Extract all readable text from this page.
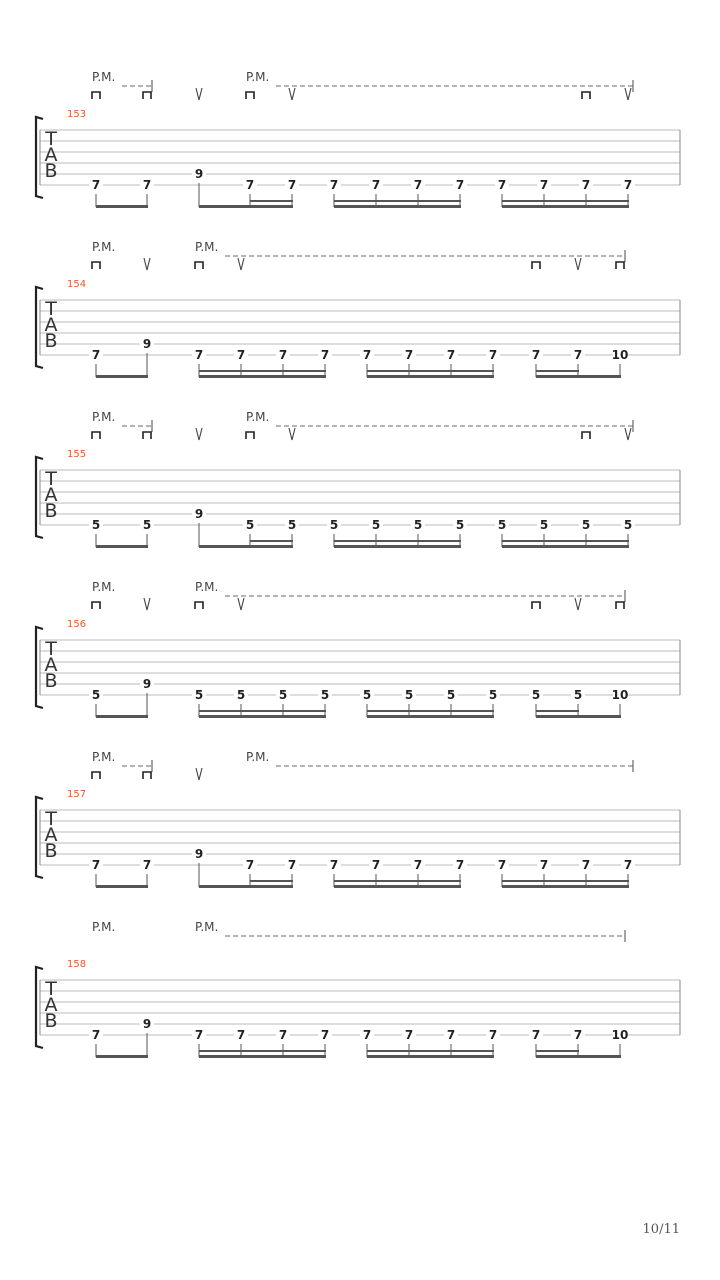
T
A
B
153
7	7
9
7	7	7	7	7	7	7	7	7	7
P.M.	P.M.
T
A
B
154
7
9
7	7	7	7	7	7	7	7	7	7 10
P.M.	P.M.
T
A
B
155
5	5
9
5	5	5	5	5	5	5	5	5	5
P.M.	P.M.
T
A
B
156
5
9
5	5	5	5	5	5	5	5	5	5 10
P.M.	P.M.
T
A
B
157
7	7
9
7	7	7	7	7	7	7	7	7	7
P.M.	P.M.
T
A
B
158
7
9
7	7	7	7	7	7	7	7	7	7 10
P.M.	P.M.
10/11
